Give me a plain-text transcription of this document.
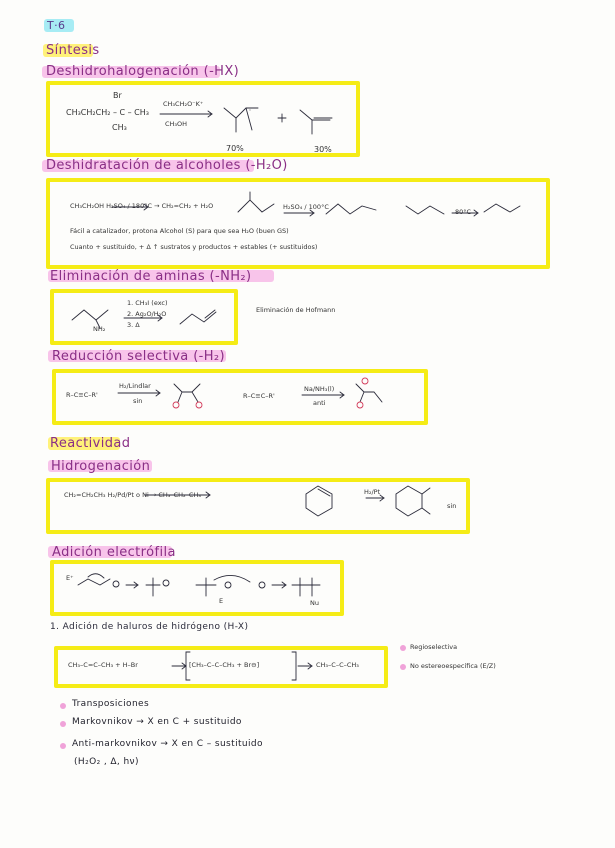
T·6
Síntesis
Deshidrohalogenación (-HX)
Br
CH₃CH₂CH₂ – C – CH₃
CH₃
CH₃CH₂O⁻K⁺
CH₃OH
70%	30%
Deshidratación de alcoholes (-H₂O)
CH₃CH₂OH H₂SO₄ / 180°C → CH₂=CH₂ + H₂O	H₂SO₄ / 100°C
80°C
Fácil a catalizador, protona Alcohol (S) para que sea H₂O (buen GS)
Cuanto + sustituido, + Δ ↑ sustratos y productos + estables (+ sustituidos)
Eliminación de aminas (-NH₂)
1. CH₃I (exc)
2. Ag₂O/H₂O
3. Δ
NH₂
Eliminación de Hofmann
Reducción selectiva (-H₂)
R–C≡C–R'
H₂/Lindlar
sin
R–C≡C–R'
Na/NH₃(l)
anti
Reactividad
Hidrogenación
CH₂=CH₂CH₃ H₂/Pd/Pt o Ni → CH₃–CH₂–CH₃	H₂/Pt
sin
Adición electrófila
E⁺
E	Nu
1. Adición de haluros de hidrógeno (H-X)
CH₃–C=C–CH₃ + H–Br	[CH₃–C–C–CH₃ + Br⊖]	CH₃–C–C–CH₃
Regioselectiva
No estereoespecífica (E/Z)
Transposiciones
Markovnikov → X en C + sustituido
Anti-markovnikov → X en C – sustituido
(H₂O₂ , Δ, hν)
